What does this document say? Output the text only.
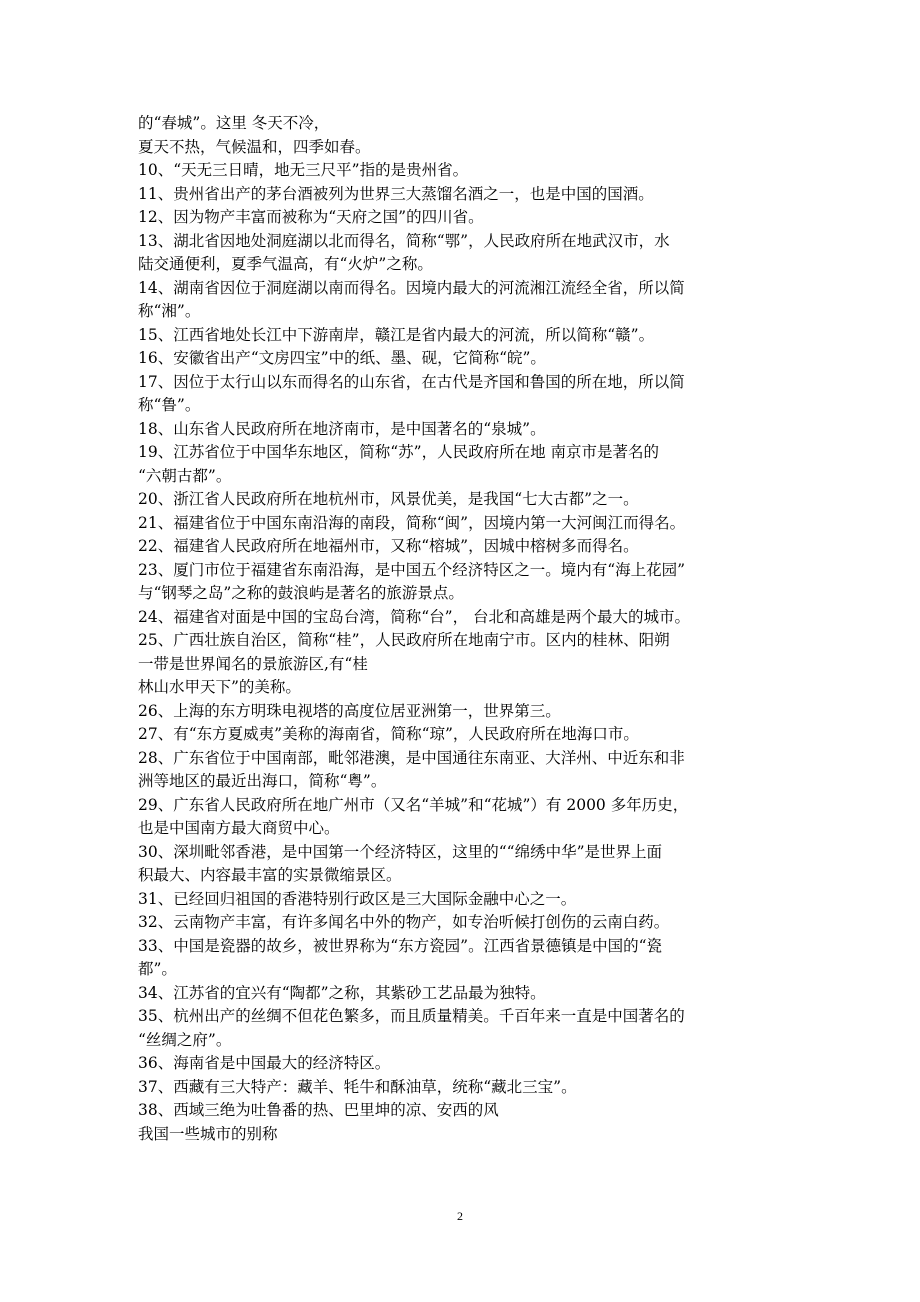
的“春城”。这里 冬天不冷，
夏天不热，气候温和，四季如春。
10、“天无三日晴，地无三尺平”指的是贵州省。
11、贵州省出产的茅台酒被列为世界三大蒸馏名酒之一，也是中国的国酒。
12、因为物产丰富而被称为“天府之国”的四川省。
13、湖北省因地处洞庭湖以北而得名，简称“鄂”，人民政府所在地武汉市，水
陆交通便利，夏季气温高，有“火炉”之称。
14、湖南省因位于洞庭湖以南而得名。因境内最大的河流湘江流经全省，所以简
称“湘”。
15、江西省地处长江中下游南岸，赣江是省内最大的河流，所以简称“赣”。
16、安徽省出产“文房四宝”中的纸、墨、砚，它简称“皖”。
17、因位于太行山以东而得名的山东省，在古代是齐国和鲁国的所在地，所以简
称“鲁”。
18、山东省人民政府所在地济南市，是中国著名的“泉城”。
19、江苏省位于中国华东地区，简称“苏”，人民政府所在地 南京市是著名的
“六朝古都”。
20、浙江省人民政府所在地杭州市，风景优美，是我国“七大古都”之一。
21、福建省位于中国东南沿海的南段，简称“闽”，因境内第一大河闽江而得名。
22、福建省人民政府所在地福州市，又称“榕城”，因城中榕树多而得名。
23、厦门市位于福建省东南沿海，是中国五个经济特区之一。境内有“海上花园”
与“钢琴之岛”之称的鼓浪屿是著名的旅游景点。
24、福建省对面是中国的宝岛台湾，简称“台”， 台北和高雄是两个最大的城市。
25、广西壮族自治区，简称“桂”，人民政府所在地南宁市。区内的桂林、阳朔
一带是世界闻名的景旅游区,有“桂
林山水甲天下”的美称。
26、上海的东方明珠电视塔的高度位居亚洲第一，世界第三。
27、有“东方夏威夷”美称的海南省，简称“琼”，人民政府所在地海口市。
28、广东省位于中国南部，毗邻港澳，是中国通往东南亚、大洋州、中近东和非
洲等地区的最近出海口，简称“粤”。
29、广东省人民政府所在地广州市（又名“羊城”和“花城”）有 2000 多年历史，
也是中国南方最大商贸中心。
30、深圳毗邻香港，是中国第一个经济特区，这里的““绵绣中华”是世界上面
积最大、内容最丰富的实景微缩景区。
31、已经回归祖国的香港特别行政区是三大国际金融中心之一。
32、云南物产丰富，有许多闻名中外的物产，如专治听候打创伤的云南白药。
33、中国是瓷器的故乡，被世界称为“东方瓷园”。江西省景德镇是中国的“瓷
都”。
34、江苏省的宜兴有“陶都”之称，其紫砂工艺品最为独特。
35、杭州出产的丝绸不但花色繁多，而且质量精美。千百年来一直是中国著名的
“丝绸之府”。
36、海南省是中国最大的经济特区。
37、西藏有三大特产：藏羊、牦牛和酥油草，统称“藏北三宝”。
38、西域三绝为吐鲁番的热、巴里坤的凉、安西的风
我国一些城市的别称
2
